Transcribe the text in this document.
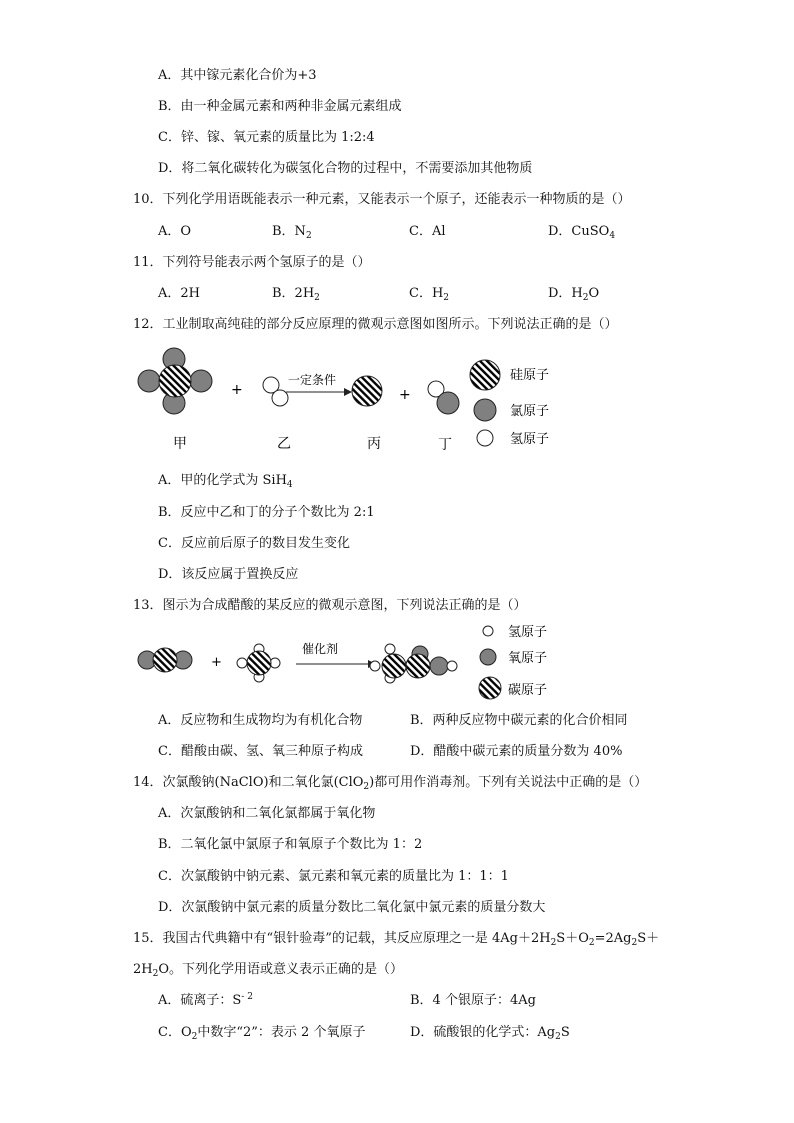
A．其中镓元素化合价为+3
B．由一种金属元素和两种非金属元素组成
C．锌、镓、氧元素的质量比为 1:2:4
D．将二氧化碳转化为碳氢化合物的过程中，不需要添加其他物质
10．下列化学用语既能表示一种元素，又能表示一个原子，还能表示一种物质的是（）
A．O	B．$N_2$	C．Al	D．CuSO$_4$
11．下列符号能表示两个氢原子的是（）
A．2H	B．$2H_2$	C．$H_2$	D．$H_2O$
12．工业制取高纯硅的部分反应原理的微观示意图如图所示。下列说法正确的是（）
+
一定条件
+
甲	乙	丙	丁
硅原子
氯原子
氢原子
A．甲的化学式为 SiH$_4$
B．反应中乙和丁的分子个数比为 2:1
C．反应前后原子的数目发生变化
D．该反应属于置换反应
13．图示为合成醋酸的某反应的微观示意图，下列说法正确的是（）
+
催化剂
氢原子
氧原子
碳原子
A．反应物和生成物均为有机化合物	B．两种反应物中碳元素的化合价相同
C．醋酸由碳、氢、氧三种原子构成	D．醋酸中碳元素的质量分数为 40%
14．次氯酸钠(NaClO)和二氧化氯(ClO$_2$)都可用作消毒剂。下列有关说法中正确的是（）
A．次氯酸钠和二氧化氯都属于氧化物
B．二氧化氯中氯原子和氧原子个数比为 1：2
C．次氯酸钠中钠元素、氯元素和氧元素的质量比为 1：1：1
D．次氯酸钠中氯元素的质量分数比二氧化氯中氯元素的质量分数大
15．我国古代典籍中有“银针验毒”的记载，其反应原理之一是 $4Ag+2H_2S+O_2=2Ag_2S+$
$2H_2O$。下列化学用语或意义表示正确的是（）
A．硫离子：$S^{- 2}$	B．4 个银原子：4Ag
C．$O_2$中数字“2”：表示 2 个氧原子	D．硫酸银的化学式：$Ag_2S$
